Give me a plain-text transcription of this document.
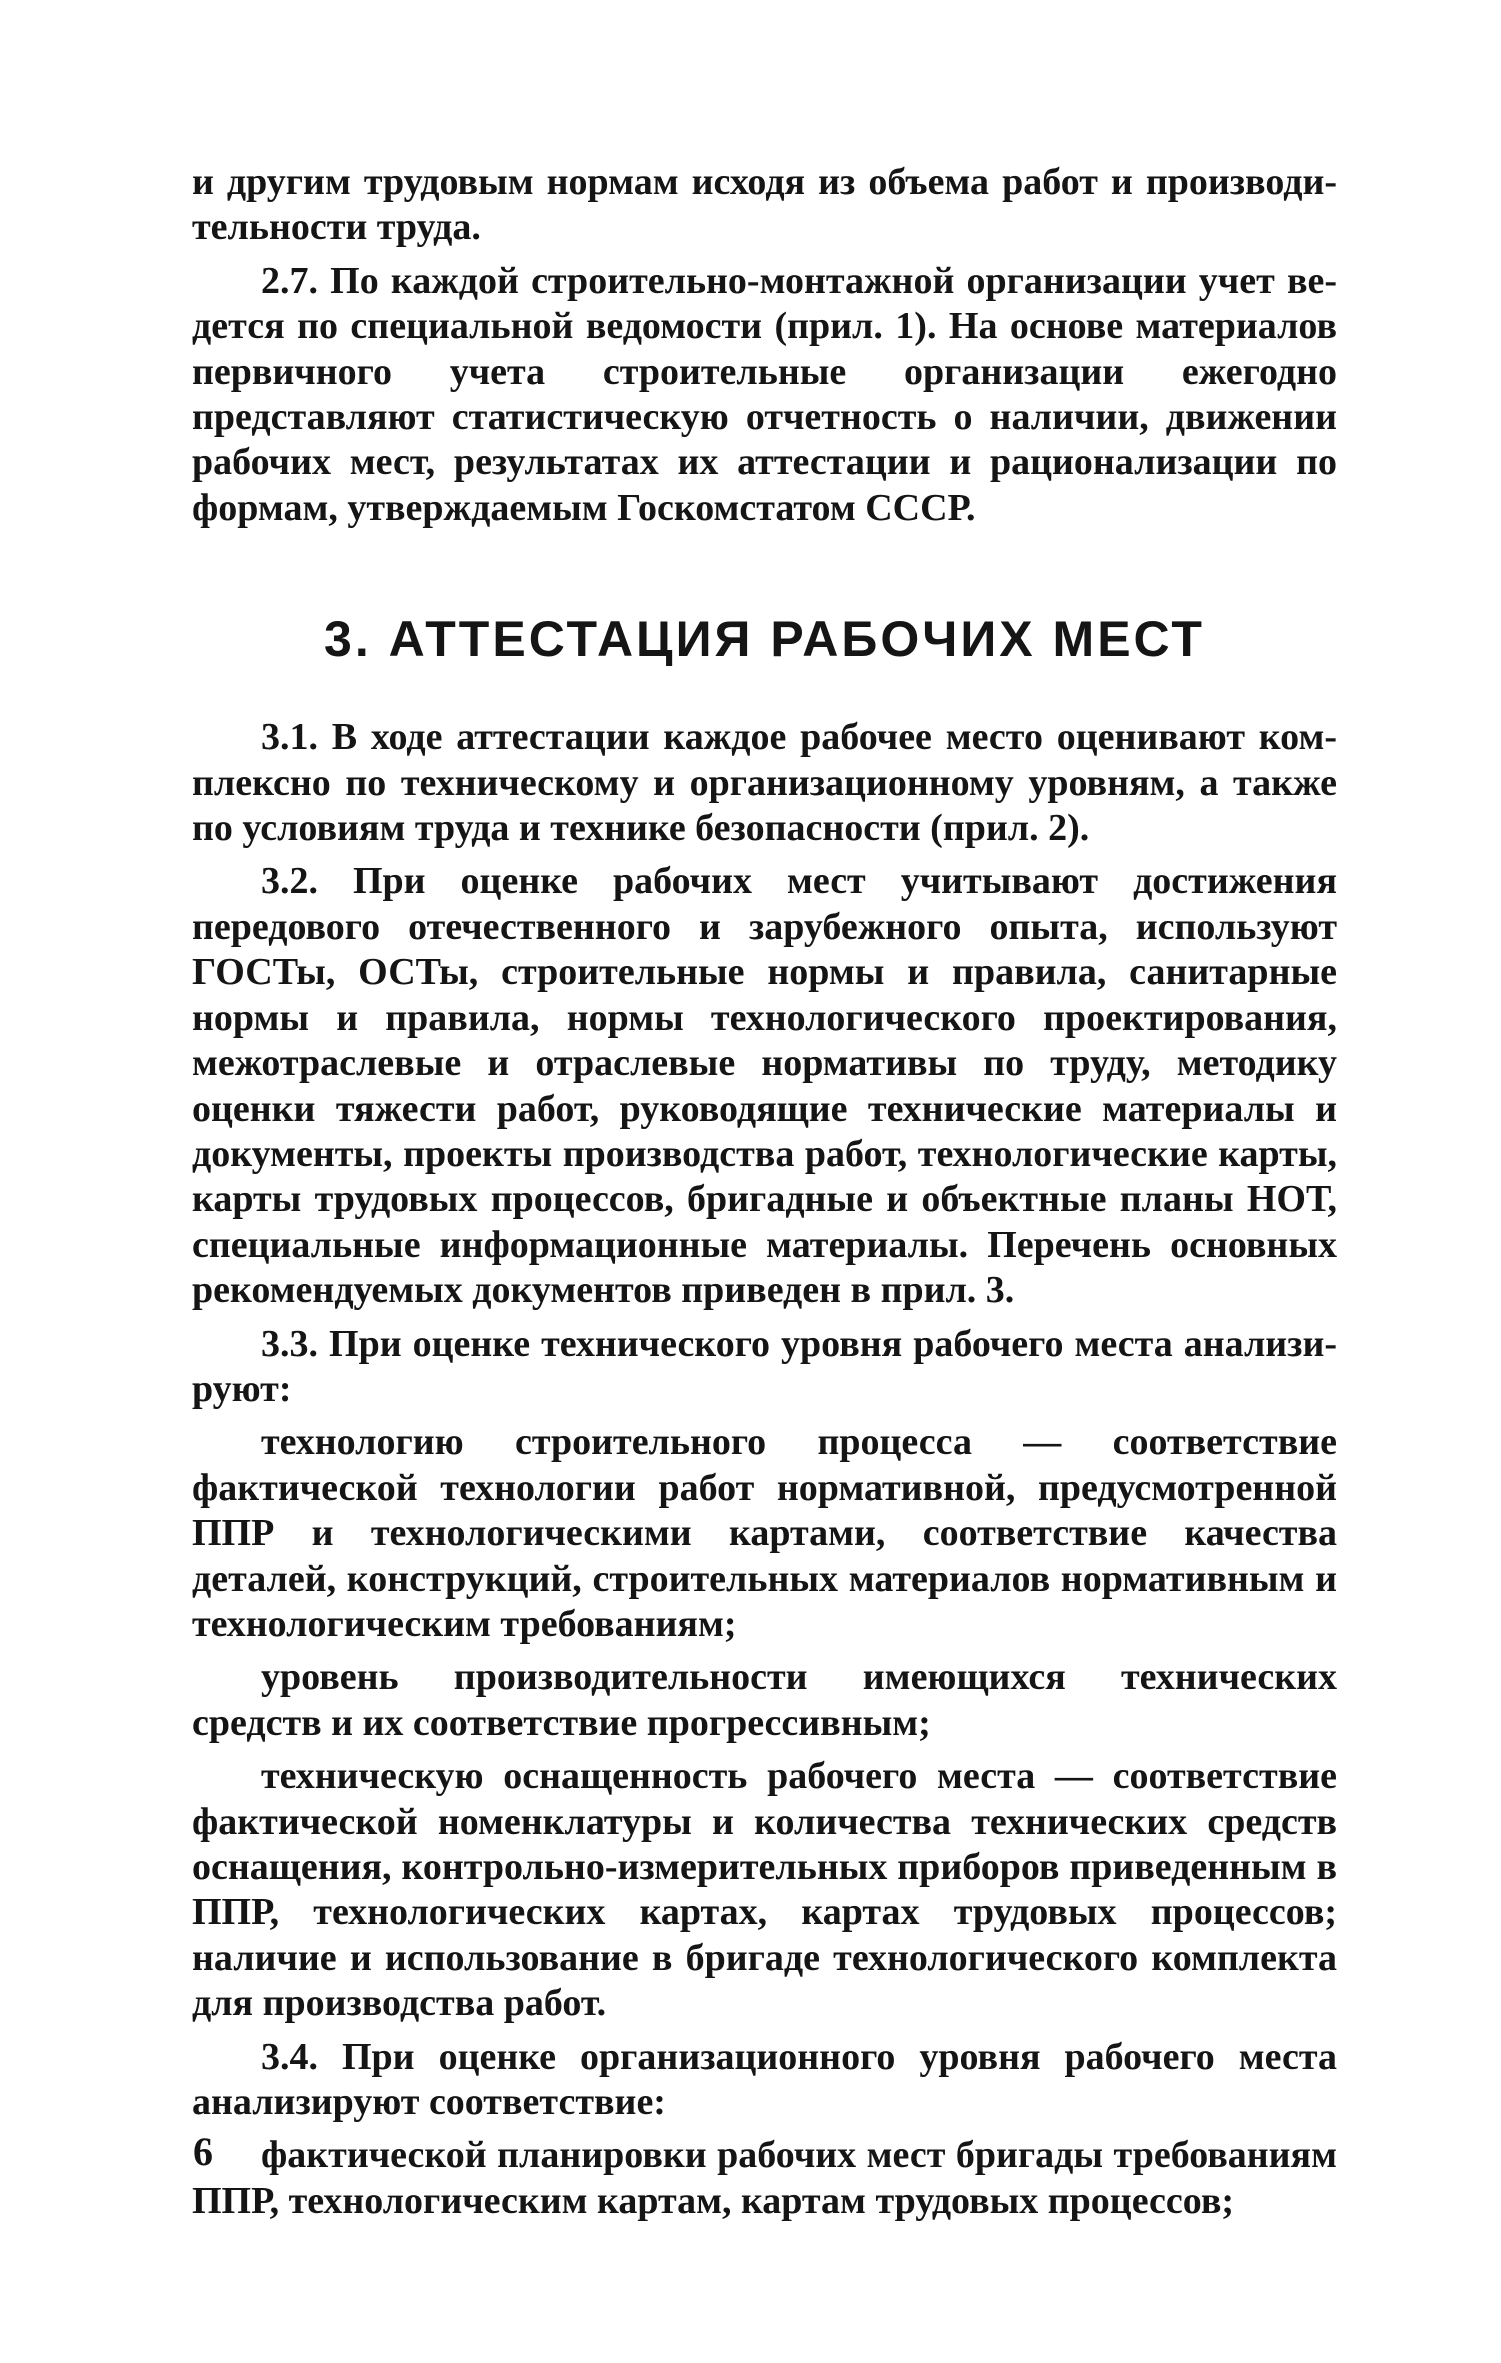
и другим трудовым нормам исходя из объема работ и производительности труда.

2.7. По каждой строительно-монтажной организации учет ведется по специальной ведомости (прил. 1). На основе материалов первичного учета строительные организации ежегодно представляют статистическую отчетность о наличии, движении рабочих мест, результатах их аттестации и рационализации по формам, утверждаемым Госкомстатом СССР.

3. АТТЕСТАЦИЯ РАБОЧИХ МЕСТ

3.1. В ходе аттестации каждое рабочее место оценивают комплексно по техническому и организационному уровням, а также по условиям труда и технике безопасности (прил. 2).

3.2. При оценке рабочих мест учитывают достижения передового отечественного и зарубежного опыта, используют ГОСТы, ОСТы, строительные нормы и правила, санитарные нормы и правила, нормы технологического проектирования, межотраслевые и отраслевые нормативы по труду, методику оценки тяжести работ, руководящие технические материалы и документы, проекты производства работ, технологические карты, карты трудовых процессов, бригадные и объектные планы НОТ, специальные информационные материалы. Перечень основных рекомендуемых документов приведен в прил. 3.

3.3. При оценке технического уровня рабочего места анализируют:

технологию строительного процесса — соответствие фактической технологии работ нормативной, предусмотренной ППР и технологическими картами, соответствие качества деталей, конструкций, строительных материалов нормативным и технологическим требованиям;

уровень производительности имеющихся технических средств и их соответствие прогрессивным;

техническую оснащенность рабочего места — соответствие фактической номенклатуры и количества технических средств оснащения, контрольно-измерительных приборов приведенным в ППР, технологических картах, картах трудовых процессов; наличие и использование в бригаде технологического комплекта для производства работ.

3.4. При оценке организационного уровня рабочего места анализируют соответствие:

фактической планировки рабочих мест бригады требованиям ППР, технологическим картам, картам трудовых процессов;

6
